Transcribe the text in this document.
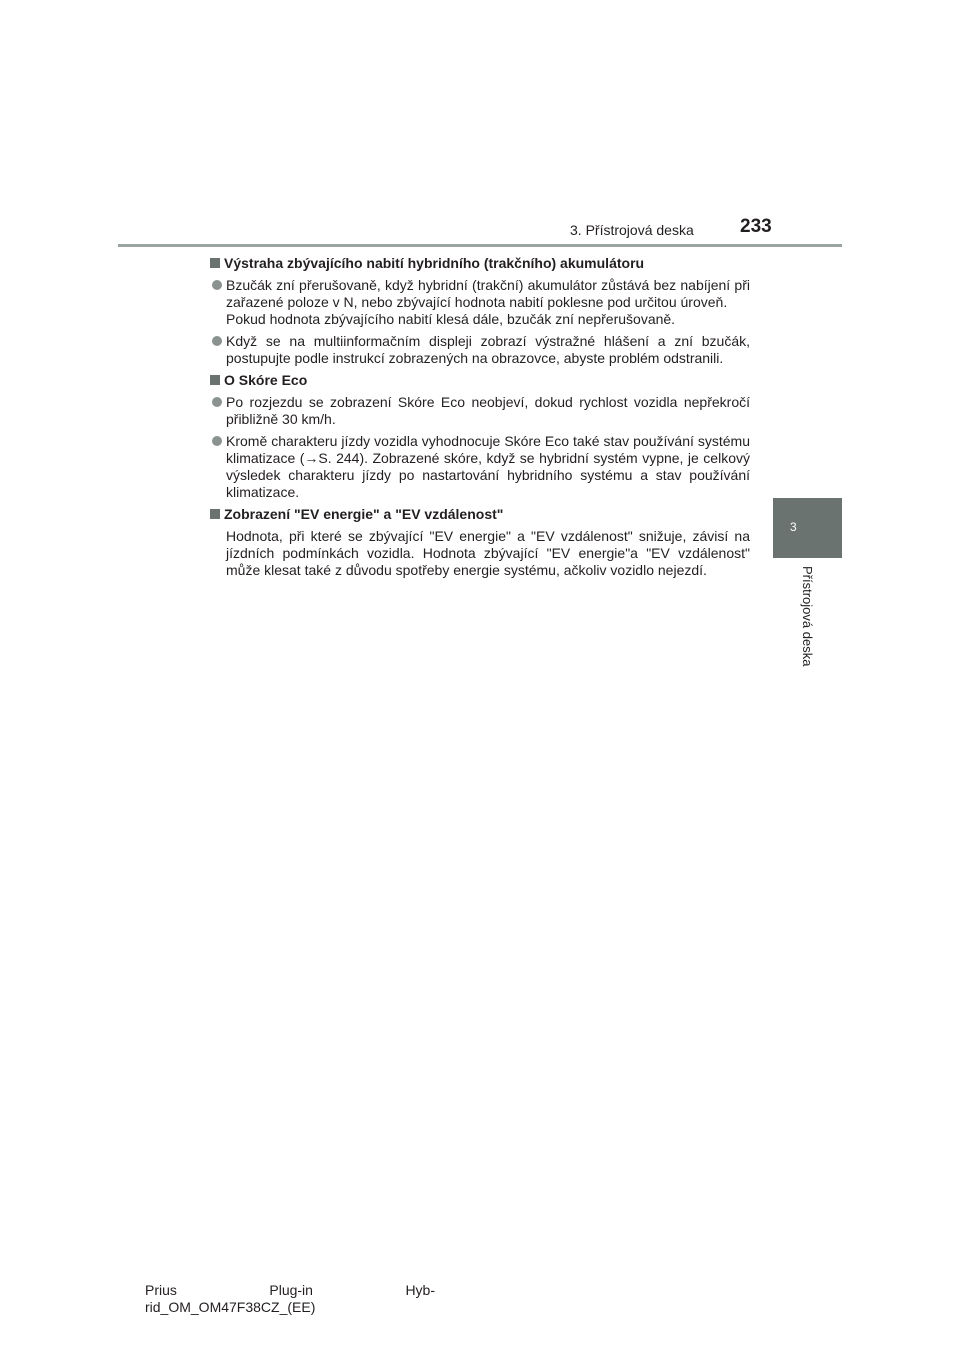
3. Přístrojová deska 233
3
Přístrojová deska
Výstraha zbývajícího nabití hybridního (trakčního) akumulátoru
Bzučák zní přerušovaně, když hybridní (trakční) akumulátor zůstává bez nabíjení při zařazené poloze v N, nebo zbývající hodnota nabití poklesne pod určitou úroveň.
Pokud hodnota zbývajícího nabití klesá dále, bzučák zní nepřerušovaně.
Když se na multiinformačním displeji zobrazí výstražné hlášení a zní bzučák, postupujte podle instrukcí zobrazených na obrazovce, abyste problém odstranili.
O Skóre Eco
Po rozjezdu se zobrazení Skóre Eco neobjeví, dokud rychlost vozidla nepřekročí přibližně 30 km/h.
Kromě charakteru jízdy vozidla vyhodnocuje Skóre Eco také stav používání systému klimatizace (→S. 244). Zobrazené skóre, když se hybridní systém vypne, je celkový výsledek charakteru jízdy po nastartování hybridního systému a stav používání klimatizace.
Zobrazení "EV energie" a "EV vzdálenost"
Hodnota, při které se zbývající "EV energie" a "EV vzdálenost" snižuje, závisí na jízdních podmínkách vozidla. Hodnota zbývající "EV energie"a "EV vzdálenost" může klesat také z důvodu spotřeby energie systému, ačkoliv vozidlo nejezdí.
Prius	Plug-in	Hyb-
rid_OM_OM47F38CZ_(EE)
